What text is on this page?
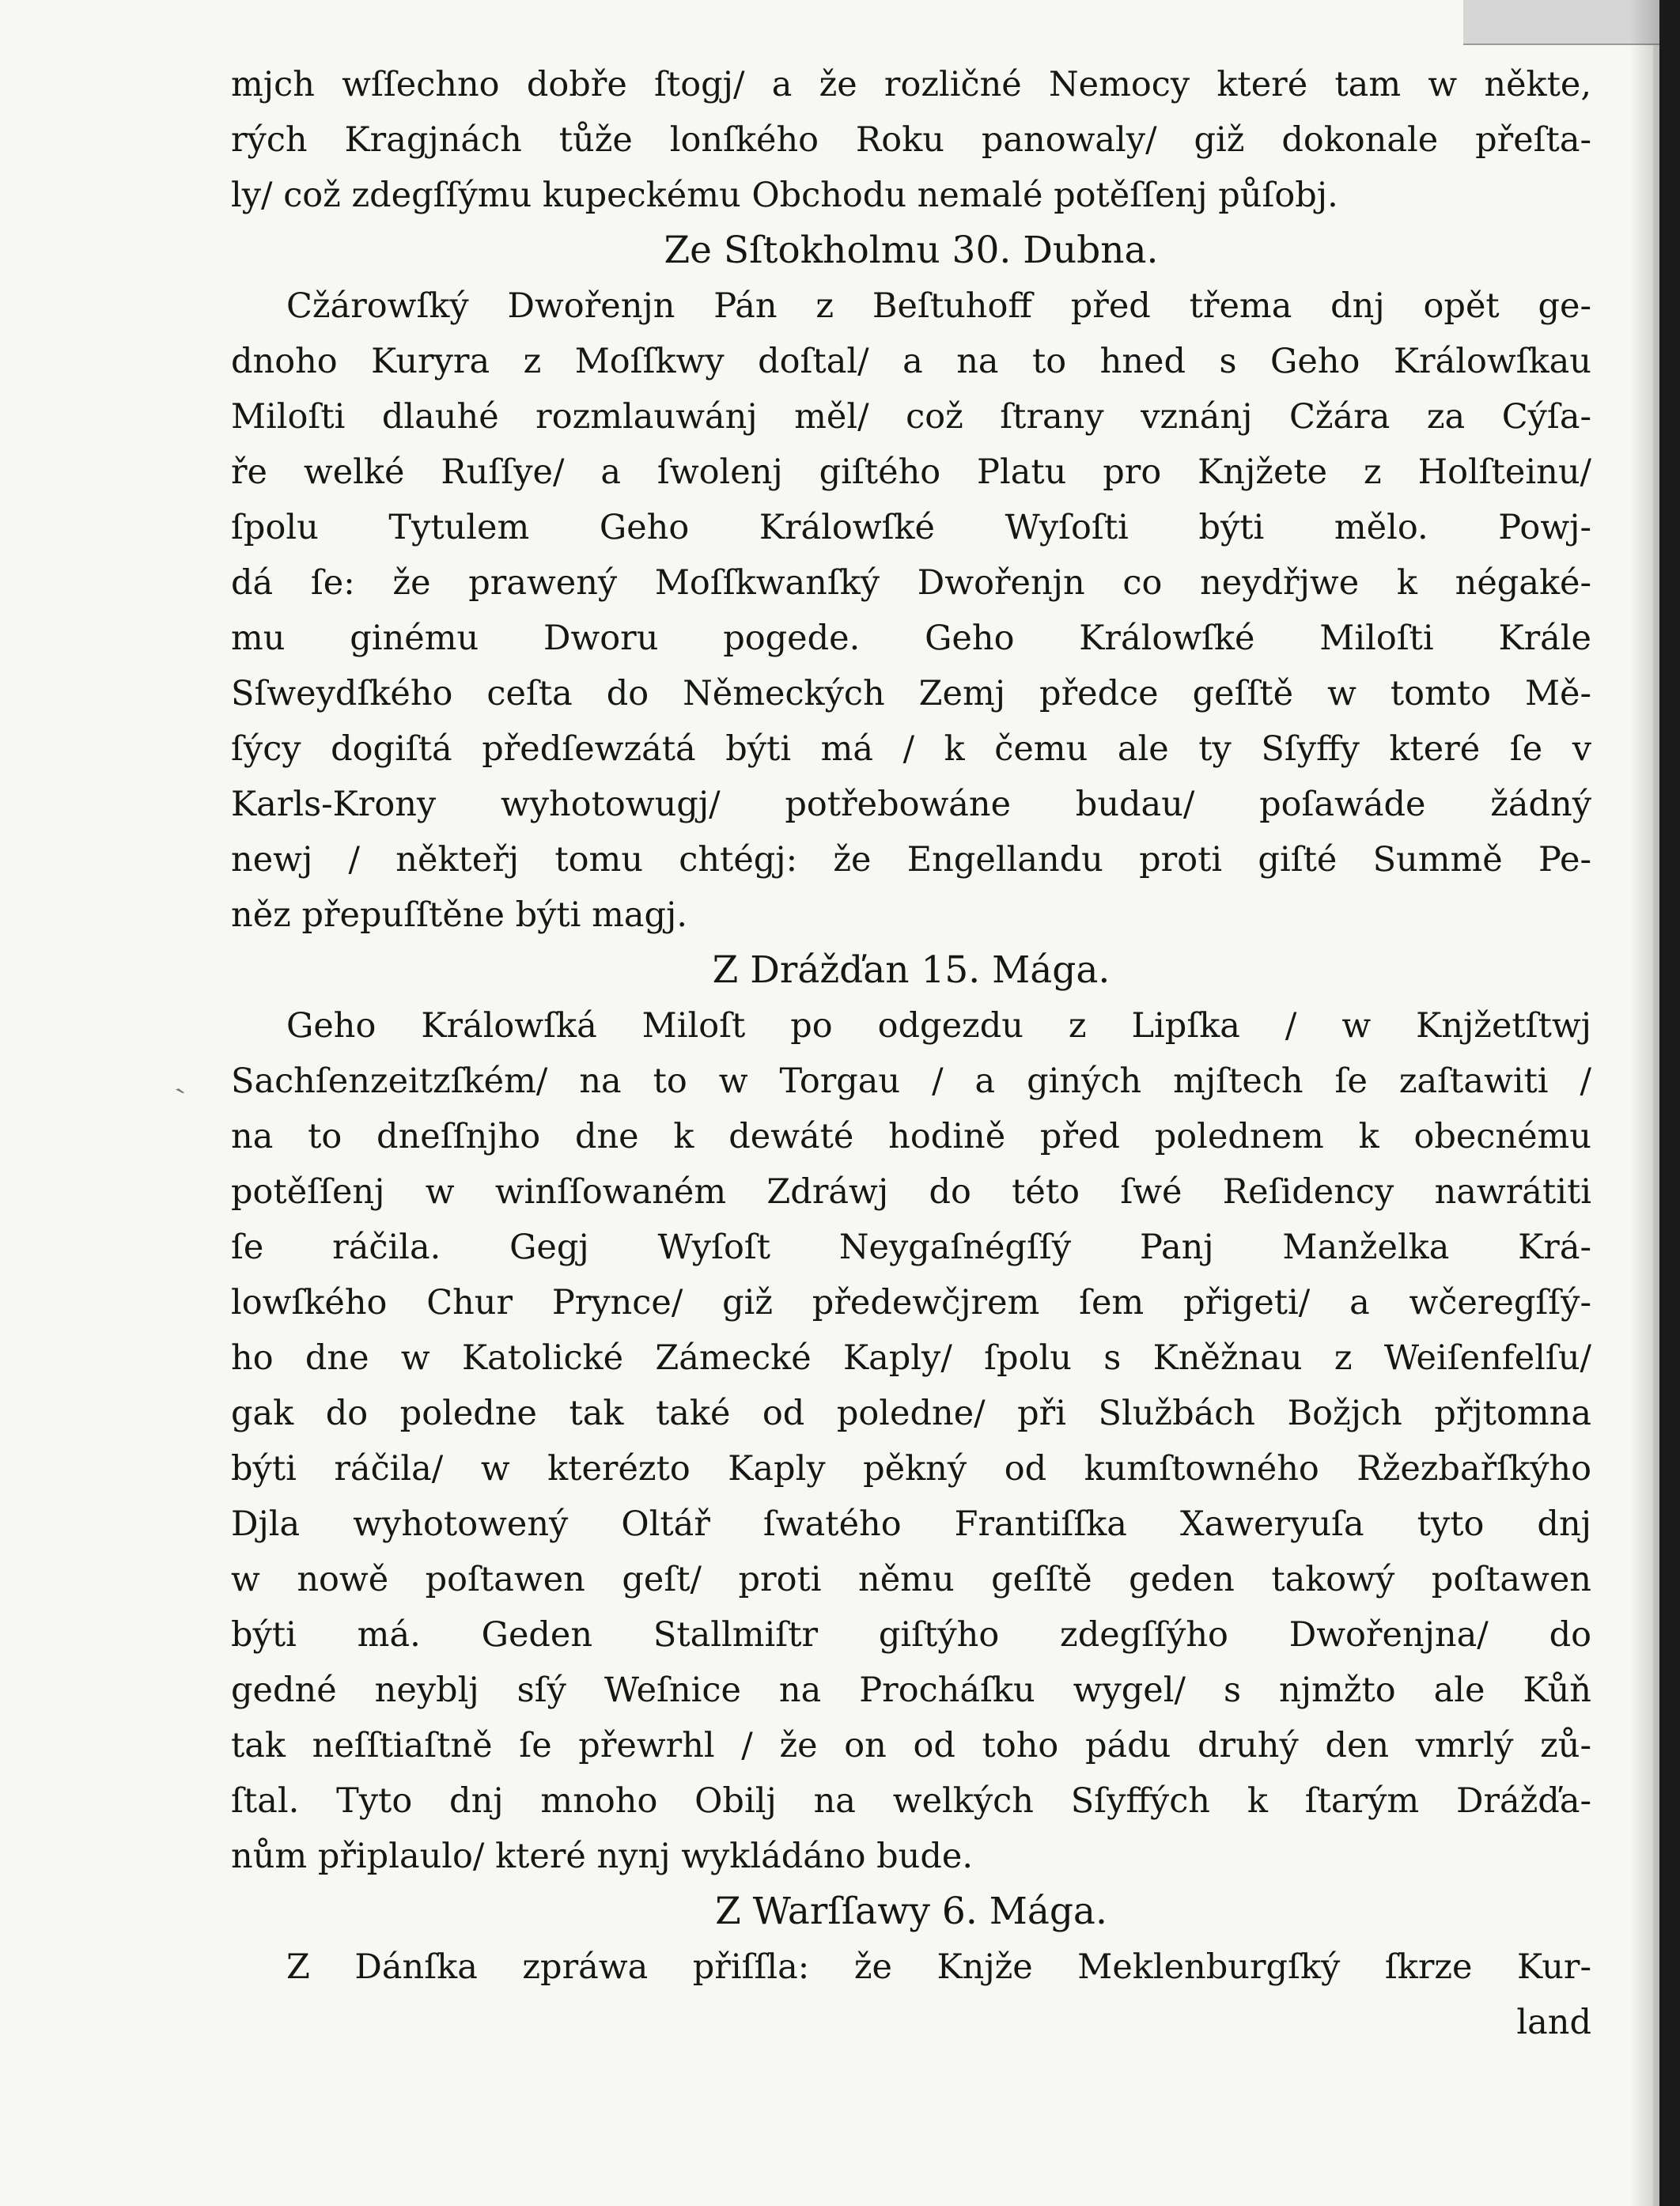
`
mjch wſſechno dobře ſtogj/ a že rozličné Nemocy které tam w někte,
rých Kragjnách tůže lonſkého Roku panowaly/ giž dokonale přeſta-
ly/ což zdegſſýmu kupeckému Obchodu nemalé potěſſenj půſobj.
Ze Sſtokholmu 30. Dubna.
Cžárowſký Dwořenjn Pán z Beſtuhoff před třema dnj opět ge-
dnoho Kuryra z Moſſkwy doſtal/ a na to hned s Geho Králowſkau
Miloſti dlauhé rozmlauwánj měl/ což ſtrany vznánj Cžára za Cýſa-
ře welké Ruſſye/ a ſwolenj giſtého Platu pro Knjžete z Holſteinu/
ſpolu Tytulem Geho Králowſké Wyſoſti býti mělo. Powj-
dá ſe: že prawený Moſſkwanſký Dwořenjn co neydřjwe k négaké-
mu ginému Dworu pogede. Geho Králowſké Miloſti Krále
Sſweydſkého ceſta do Německých Zemj předce geſſtě w tomto Mě-
ſýcy dogiſtá předſewzátá býti má / k čemu ale ty Sſyffy které ſe v
Karls-Krony wyhotowugj/ potřebowáne budau/ poſawáde žádný
newj / někteřj tomu chtégj: že Engellandu proti giſté Summě Pe-
něz přepuſſtěne býti magj.
Z Drážďan 15. Mága.
Geho Králowſká Miloſt po odgezdu z Lipſka / w Knjžetſtwj
Sachſenzeitzſkém/ na to w Torgau / a giných mjſtech ſe zaſtawiti /
na to dneſſnjho dne k dewáté hodině před polednem k obecnému
potěſſenj w winſſowaném Zdráwj do této ſwé Reſidency nawrátiti
ſe ráčila. Gegj Wyſoſt Neygaſnégſſý Panj Manželka Krá-
lowſkého Chur Prynce/ giž předewčjrem ſem přigeti/ a wčeregſſý-
ho dne w Katolické Zámecké Kaply/ ſpolu s Kněžnau z Weiſenfelſu/
gak do poledne tak také od poledne/ při Službách Božjch přjtomna
býti ráčila/ w kterézto Kaply pěkný od kumſtowného Ržezbařſkýho
Djla wyhotowený Oltář ſwatého Frantiſſka Xaweryuſa tyto dnj
w nowě poſtawen geſt/ proti němu geſſtě geden takowý poſtawen
býti má. Geden Stallmiſtr giſtýho zdegſſýho Dwořenjna/ do
gedné neyblj sſý Weſnice na Procháſku wygel/ s njmžto ale Kůň
tak neſſtiaſtně ſe přewrhl / že on od toho pádu druhý den vmrlý zů-
ſtal. Tyto dnj mnoho Obilj na welkých Sſyffých k ſtarým Drážďa-
nům připlaulo/ které nynj wykládáno bude.
Z Warſſawy 6. Mága.
Z Dánſka zpráwa přiſſla: že Knjže Meklenburgſký ſkrze Kur-
land
